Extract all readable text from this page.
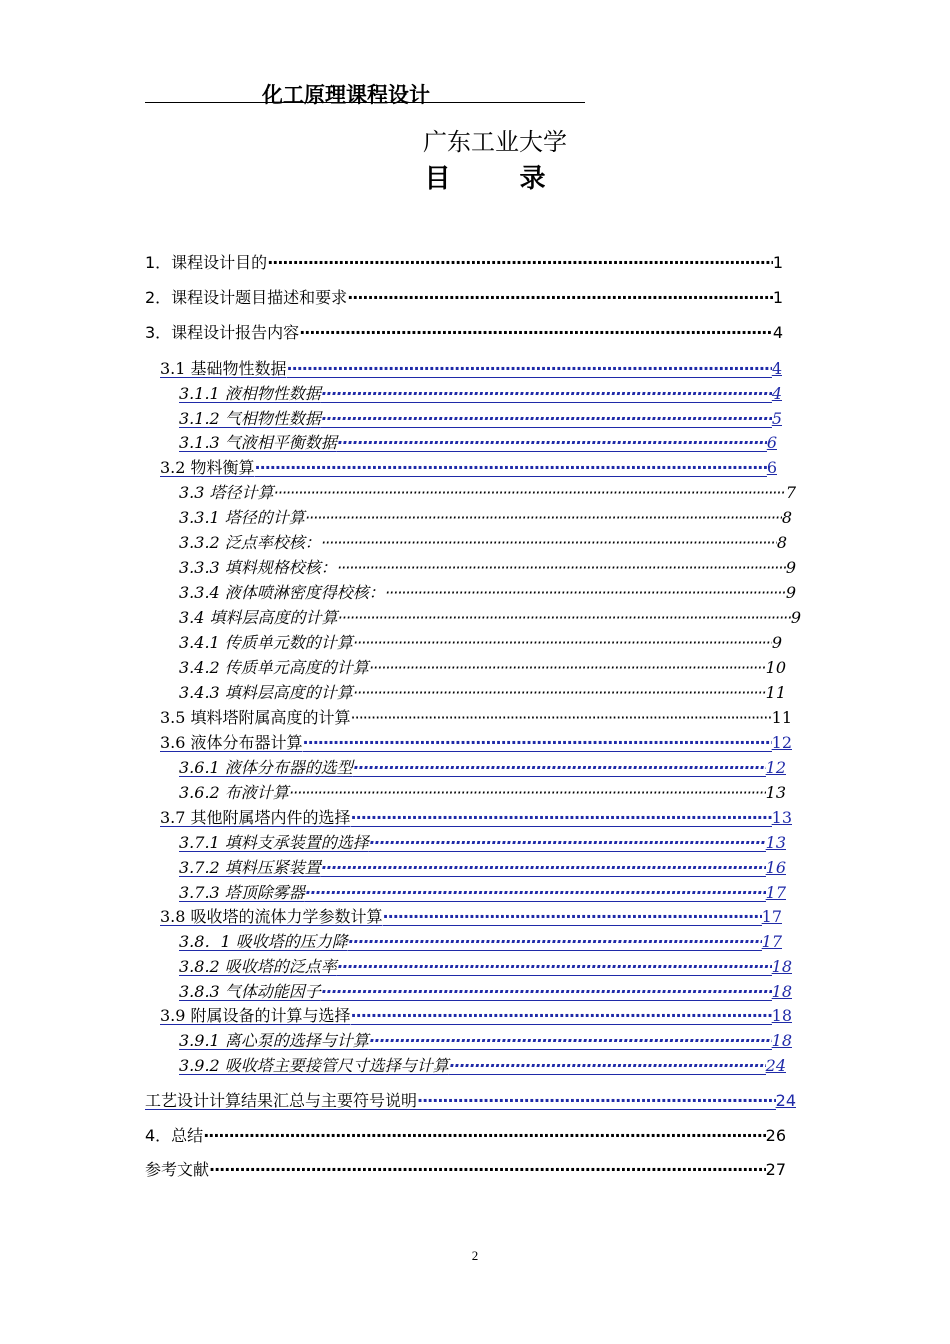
化工原理课程设计
广东工业大学
目 录
1．课程设计目的 ·····	1
2．课程设计题目描述和要求 ·····	1
3．课程设计报告内容 ·····	4
3.1 基础物性数据 ·····	4
3.1.1 液相物性数据 ·····	4
3.1.2 气相物性数据 ·····	5
3.1.3 气液相平衡数据 ·····	6
3.2 物料衡算 ·····	6
3.3 塔径计算 ·····	7
3.3.1 塔径的计算 ·····	8
3.3.2 泛点率校核： ·····	8
3.3.3 填料规格校核： ·····	9
3.3.4 液体喷淋密度得校核： ·····	9
3.4 填料层高度的计算 ·····	9
3.4.1 传质单元数的计算 ·····	9
3.4.2 传质单元高度的计算 ·····	10
3.4.3 填料层高度的计算 ·····	11
3.5 填料塔附属高度的计算 ·····	11
3.6 液体分布器计算 ·····	12
3.6.1 液体分布器的选型 ·····	12
3.6.2 布液计算 ·····	13
3.7 其他附属塔内件的选择 ·····	13
3.7.1 填料支承装置的选择 ·····	13
3.7.2 填料压紧装置 ·····	16
3.7.3 塔顶除雾器 ·····	17
3.8 吸收塔的流体力学参数计算 ·····	17
3.8．1 吸收塔的压力降 ·····	17
3.8.2 吸收塔的泛点率 ·····	18
3.8.3 气体动能因子 ·····	18
3.9 附属设备的计算与选择 ·····	18
3.9.1 离心泵的选择与计算 ·····	18
3.9.2 吸收塔主要接管尺寸选择与计算 ·····	24
工艺设计计算结果汇总与主要符号说明 ·····	24
4．总结 ·····	26
参考文献 ·····	27
2
